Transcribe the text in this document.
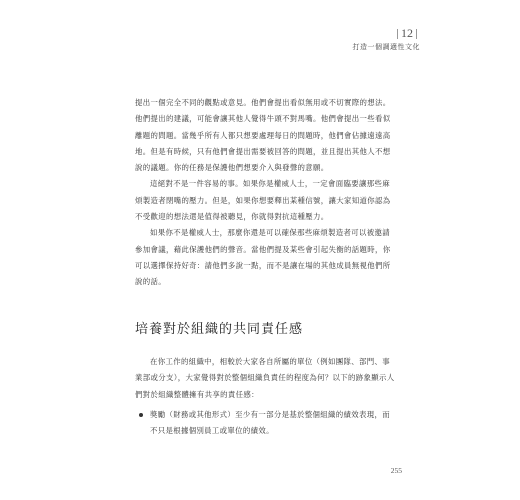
12
打造一個調適性文化

提出一個完全不同的觀點或意見。他們會提出看似無用或不切實際的想法。他們提出的建議，可能會讓其他人覺得牛頭不對馬嘴。他們會提出一些看似離題的問題。當幾乎所有人都只想要處理每日的問題時，他們會佔據遠遠高地。但是有時候，只有他們會提出需要被回答的問題，並且提出其他人不想說的議題。你的任務是保護他們想要介入與發聲的意願。

這絕對不是一件容易的事。如果你是權威人士，一定會面臨要讓那些麻煩製造者閉嘴的壓力。但是，如果你想要釋出某種信號，讓大家知道你認為不受歡迎的想法還是值得被聽見，你就得對抗這種壓力。

如果你不是權威人士，那麼你還是可以確保那些麻煩製造者可以被邀請參加會議，藉此保護他們的聲音。當他們提及某些會引起失衡的話題時，你可以選擇保持好奇：請他們多說一點，而不是讓在場的其他成員無視他們所說的話。

培養對於組織的共同責任感

在你工作的組織中，相較於大家各自所屬的單位（例如團隊、部門、事業部或分支），大家覺得對於整個組織負責任的程度為何？以下的跡象顯示人們對於組織整體擁有共享的責任感：

獎勵（財務或其他形式）至少有一部分是基於整個組織的績效表現，而不只是根據個別員工或單位的績效。
255
